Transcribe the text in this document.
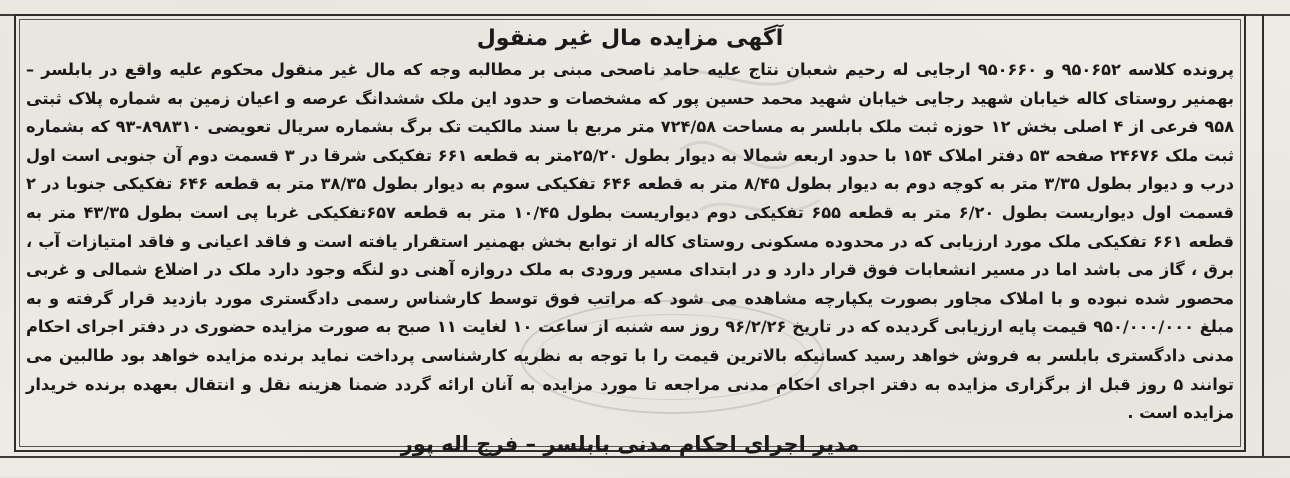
آگهی مزایده مال غیر منقول

پرونده کلاسه ۹۵۰۶۵۲ و ۹۵۰۶۶۰ ارجایی له رحیم شعبان نتاج علیه حامد ناصحی مبنی بر مطالبه وجه که مال غیر منقول محکوم علیه واقع در بابلسر – بهمنیر روستای کاله خیابان شهید رجایی خیابان شهید محمد حسین پور که مشخصات و حدود این ملک ششدانگ عرصه و اعیان زمین به شماره پلاک ثبتی ۹۵۸ فرعی از ۴ اصلی بخش ۱۲ حوزه ثبت ملک بابلسر به مساحت ۷۲۴/۵۸ متر مربع با سند مالکیت تک برگ بشماره سریال تعویضی ۸۹۸۳۱۰-۹۳ که بشماره ثبت ملک ۲۴۶۷۶ صفحه ۵۳ دفتر املاک ۱۵۴ با حدود اربعه شمالا به دیوار بطول ۲۵/۲۰متر به قطعه ۶۶۱ تفکیکی شرقا در ۳ قسمت دوم آن جنوبی است اول درب و دیوار بطول ۳/۳۵ متر به کوچه دوم به دیوار بطول ۸/۴۵ متر به قطعه ۶۴۶ تفکیکی سوم به دیوار بطول ۳۸/۳۵ متر به قطعه ۶۴۶ تفکیکی جنوبا در ۲ قسمت اول دیواریست بطول ۶/۲۰ متر به قطعه ۶۵۵ تفکیکی دوم دیواریست بطول ۱۰/۴۵ متر به قطعه ۶۵۷تفکیکی غربا پی است بطول ۴۳/۳۵ متر به قطعه ۶۶۱ تفکیکی ملک مورد ارزیابی که در محدوده مسکونی روستای کاله از توابع بخش بهمنیر استقرار یافته است و فاقد اعیانی و فاقد امتیازات آب ، برق ، گاز می باشد اما در مسیر انشعابات فوق قرار دارد و در ابتدای مسیر ورودی به ملک دروازه آهنی دو لنگه وجود دارد ملک در اضلاع شمالی و غربی محصور شده نبوده و با املاک مجاور بصورت یکپارچه مشاهده می شود که مراتب فوق توسط کارشناس رسمی دادگستری مورد بازدید قرار گرفته و به مبلغ ۹۵۰/۰۰۰/۰۰۰ قیمت پایه ارزیابی گردیده که در تاریخ ۹۶/۲/۲۶ روز سه شنبه از ساعت ۱۰ لغایت ۱۱ صبح به صورت مزایده حضوری در دفتر اجرای احکام مدنی دادگستری بابلسر به فروش خواهد رسید کسانیکه بالاترین قیمت را با توجه به نظریه کارشناسی پرداخت نماید برنده مزایده خواهد بود طالبین می توانند ۵ روز قبل از برگزاری مزایده به دفتر اجرای احکام مدنی مراجعه تا مورد مزایده به آنان ارائه گردد ضمنا هزینه نقل و انتقال بعهده برنده خریدار مزایده است .

مدیر اجرای احکام مدنی بابلسر – فرج اله پور
